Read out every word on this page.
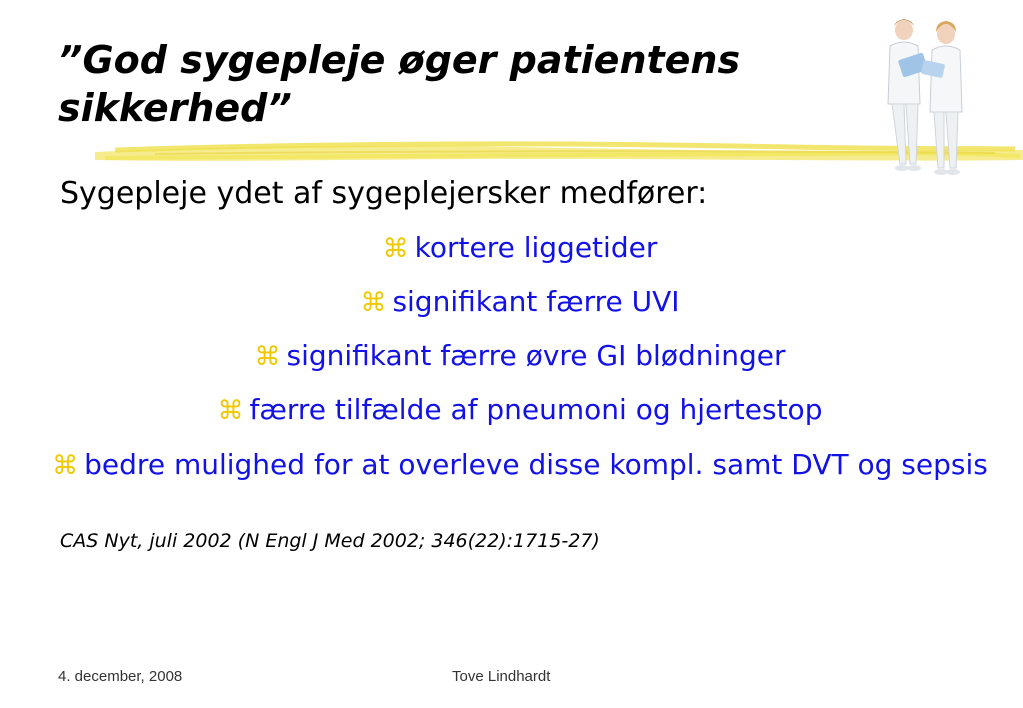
”God sygepleje øger patientens sikkerhed”

Sygepleje ydet af sygeplejersker medfører:

⌘ kortere liggetider
⌘ signifikant færre UVI
⌘ signifikant færre øvre GI blødninger
⌘ færre tilfælde af pneumoni og hjertestop
⌘ bedre mulighed for at overleve disse kompl. samt DVT og sepsis

CAS Nyt, juli 2002 (N Engl J Med 2002; 346(22):1715-27)

4. december, 2008	Tove Lindhardt
